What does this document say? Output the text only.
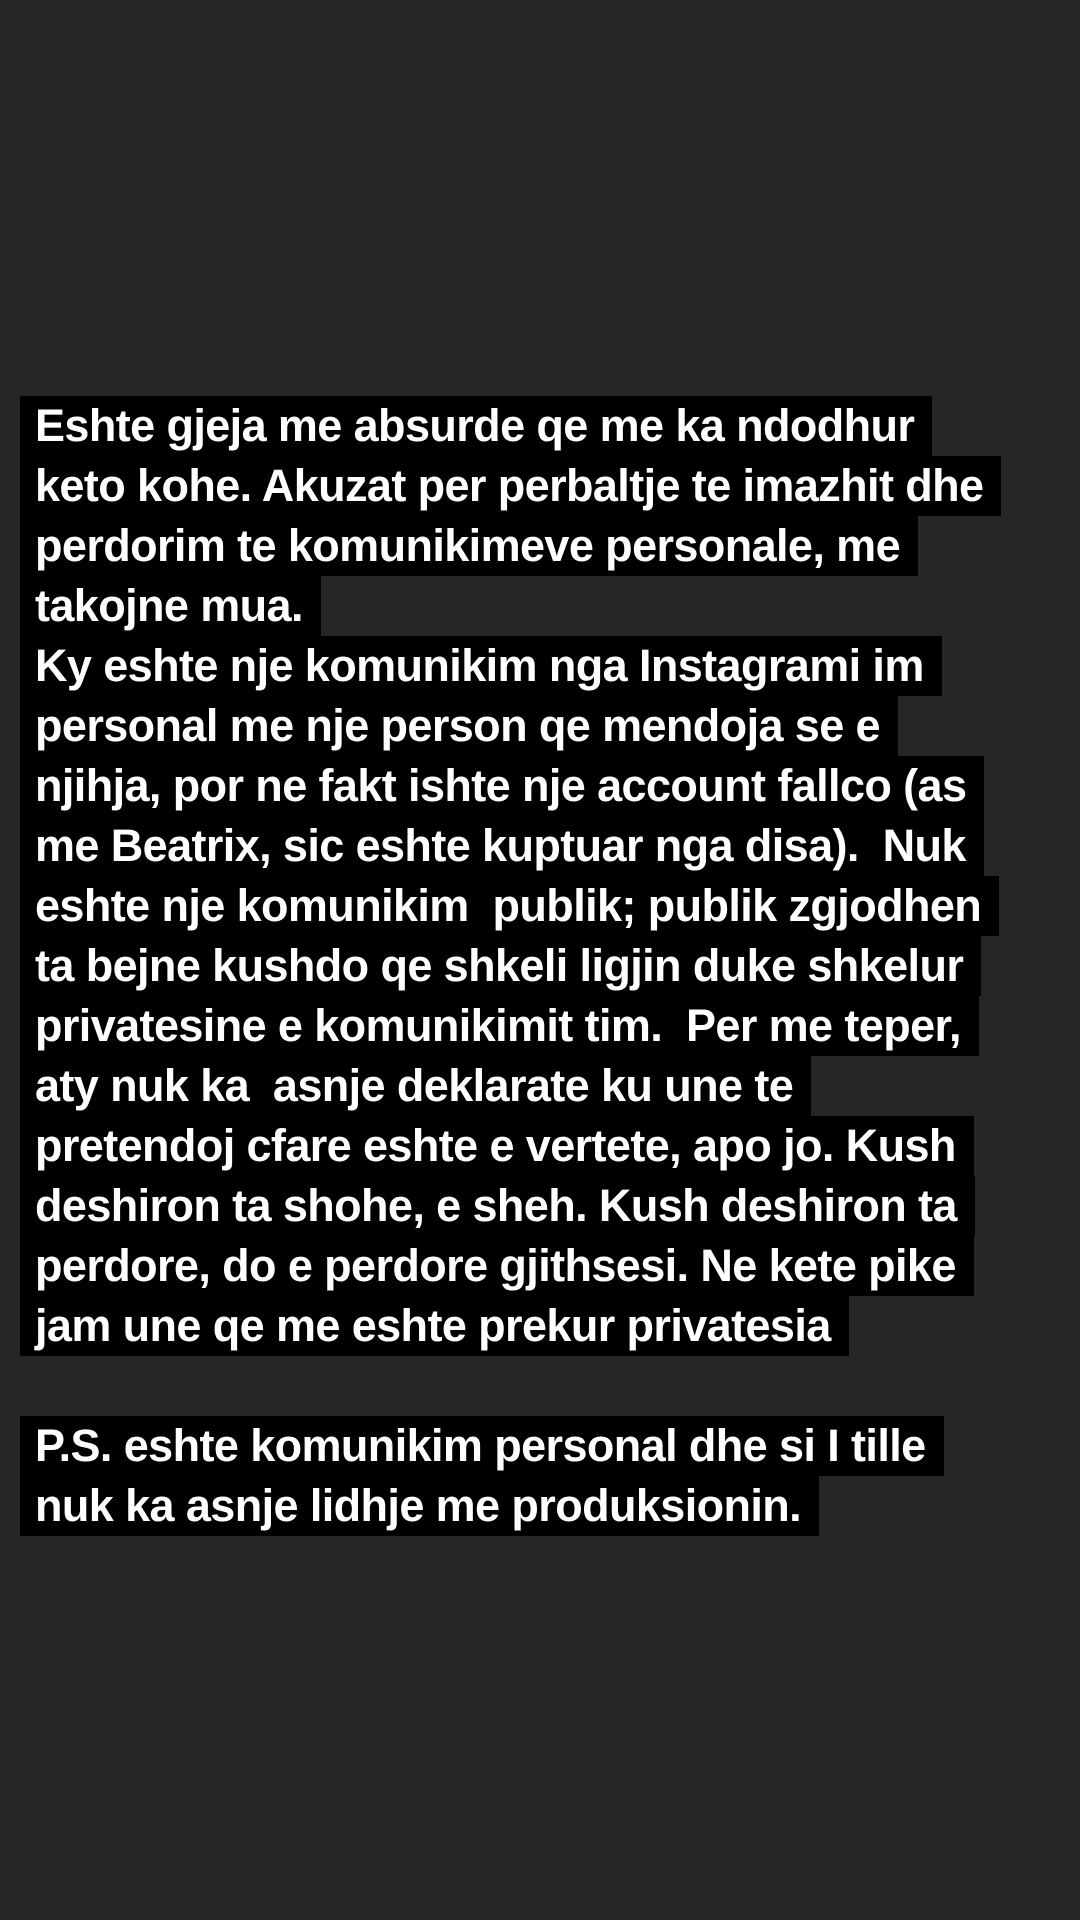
Eshte gjeja me absurde qe me ka ndodhur
keto kohe. Akuzat per perbaltje te imazhit dhe
perdorim te komunikimeve personale, me
takojne mua.
Ky eshte nje komunikim nga Instagrami im
personal me nje person qe mendoja se e
njihja, por ne fakt ishte nje account fallco (as
me Beatrix, sic eshte kuptuar nga disa).  Nuk
eshte nje komunikim  publik; publik zgjodhen
ta bejne kushdo qe shkeli ligjin duke shkelur
privatesine e komunikimit tim.  Per me teper,
aty nuk ka  asnje deklarate ku une te
pretendoj cfare eshte e vertete, apo jo. Kush
deshiron ta shohe, e sheh. Kush deshiron ta
perdore, do e perdore gjithsesi. Ne kete pike
jam une qe me eshte prekur privatesia
P.S. eshte komunikim personal dhe si I tille
nuk ka asnje lidhje me produksionin.
